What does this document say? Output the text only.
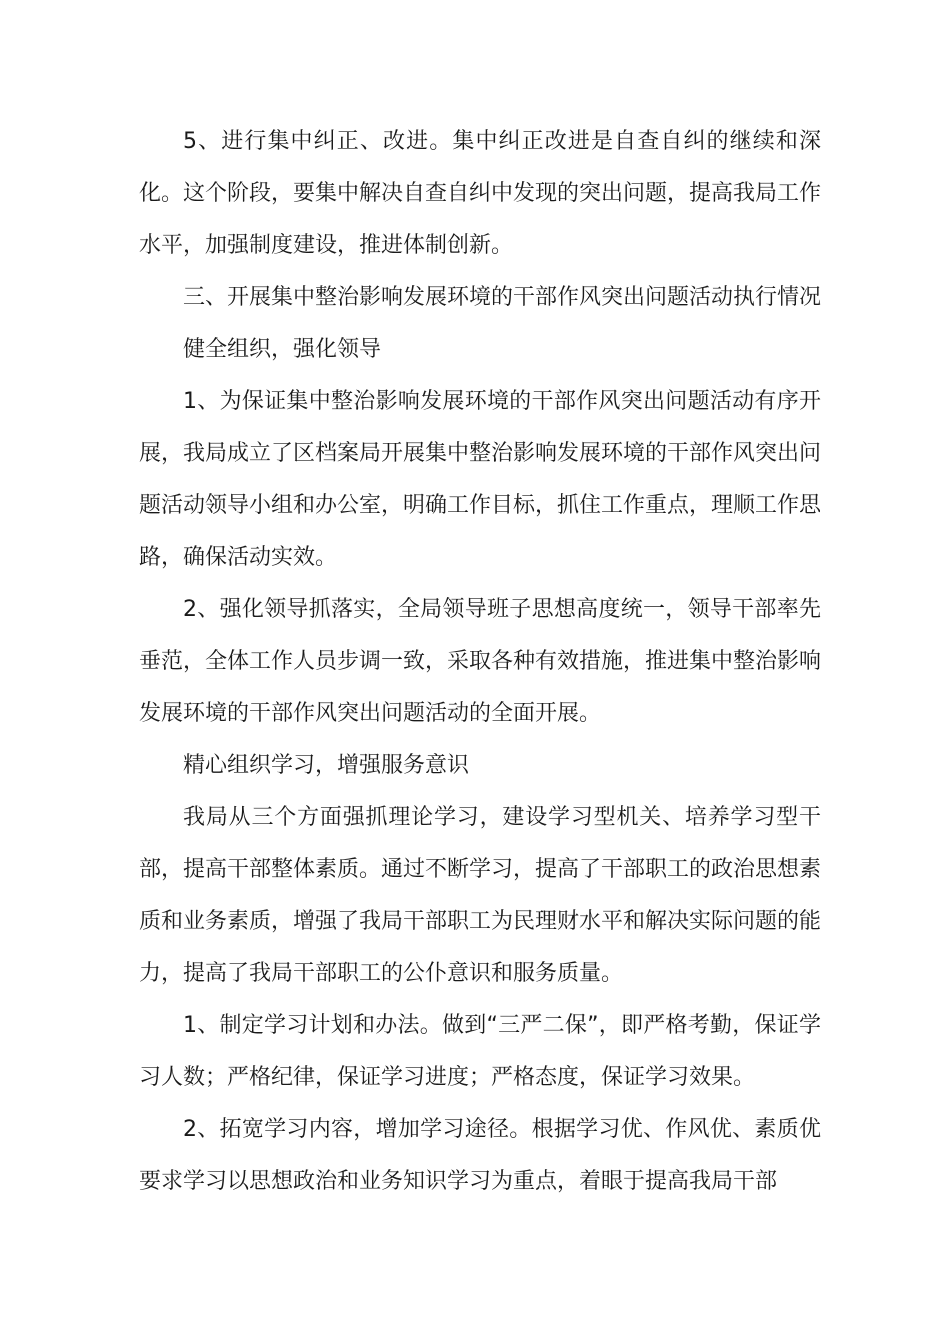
5、进行集中纠正、改进。集中纠正改进是自查自纠的继续和深化。这个阶段，要集中解决自查自纠中发现的突出问题，提高我局工作水平，加强制度建设，推进体制创新。

三、开展集中整治影响发展环境的干部作风突出问题活动执行情况

健全组织，强化领导

1、为保证集中整治影响发展环境的干部作风突出问题活动有序开展，我局成立了区档案局开展集中整治影响发展环境的干部作风突出问题活动领导小组和办公室，明确工作目标，抓住工作重点，理顺工作思路，确保活动实效。

2、强化领导抓落实，全局领导班子思想高度统一，领导干部率先垂范，全体工作人员步调一致，采取各种有效措施，推进集中整治影响发展环境的干部作风突出问题活动的全面开展。

精心组织学习，增强服务意识

我局从三个方面强抓理论学习，建设学习型机关、培养学习型干部，提高干部整体素质。通过不断学习，提高了干部职工的政治思想素质和业务素质，增强了我局干部职工为民理财水平和解决实际问题的能力，提高了我局干部职工的公仆意识和服务质量。

1、制定学习计划和办法。做到“三严二保”，即严格考勤，保证学习人数；严格纪律，保证学习进度；严格态度，保证学习效果。

2、拓宽学习内容，增加学习途径。根据学习优、作风优、素质优要求学习以思想政治和业务知识学习为重点，着眼于提高我局干部
